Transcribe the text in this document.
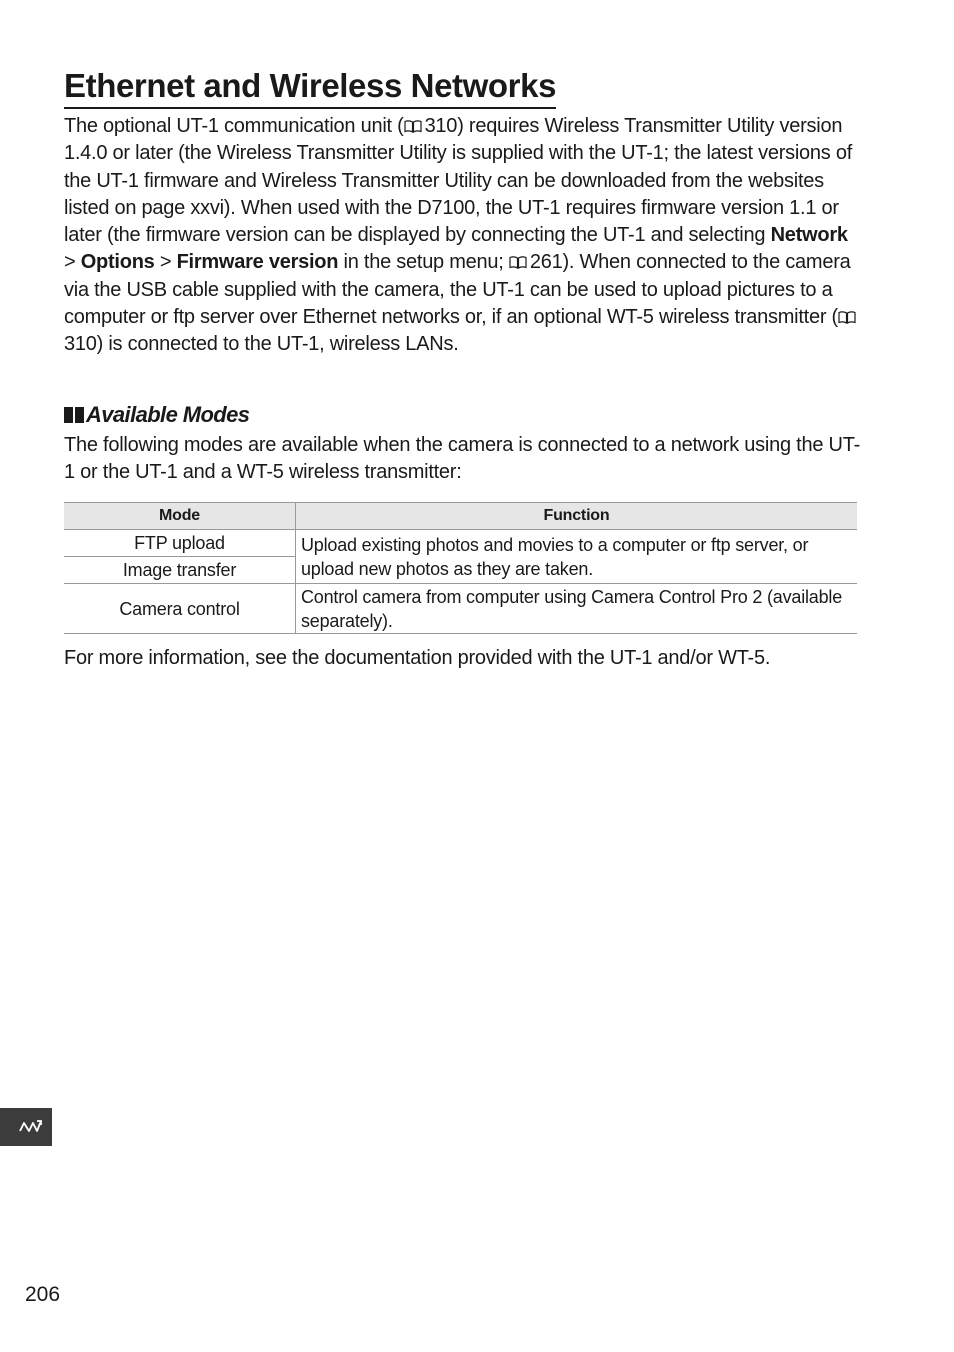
Ethernet and Wireless Networks

The optional UT-1 communication unit ( 310) requires Wireless Transmitter Utility version 1.4.0 or later (the Wireless Transmitter Utility is supplied with the UT-1; the latest versions of the UT-1 firmware and Wireless Transmitter Utility can be downloaded from the websites listed on page xxvi). When used with the D7100, the UT-1 requires firmware version 1.1 or later (the firmware version can be displayed by connecting the UT-1 and selecting Network > Options > Firmware version in the setup menu; 261). When connected to the camera via the USB cable supplied with the camera, the UT-1 can be used to upload pictures to a computer or ftp server over Ethernet networks or, if an optional WT-5 wireless transmitter (310) is connected to the UT-1, wireless LANs.

Available Modes

The following modes are available when the camera is connected to a network using the UT-1 or the UT-1 and a WT-5 wireless transmitter:

Mode	Function
FTP upload	Upload existing photos and movies to a computer or ftp server, or upload new photos as they are taken.
Image transfer	
Camera control	Control camera from computer using Camera Control Pro 2 (available separately).

For more information, see the documentation provided with the UT-1 and/or WT-5.

206
